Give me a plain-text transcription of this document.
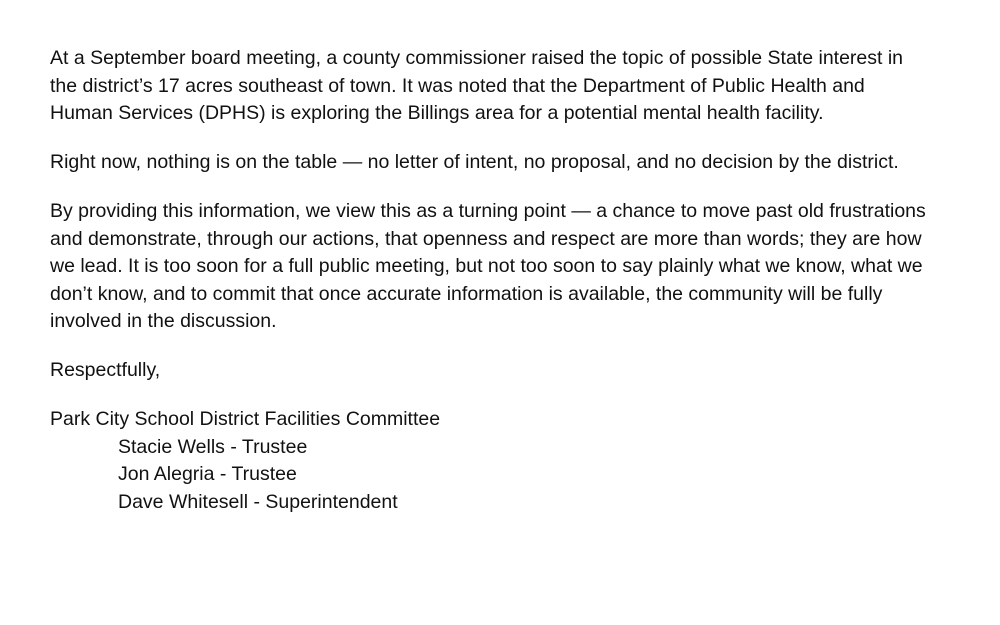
At a September board meeting, a county commissioner raised the topic of possible State interest in the district’s 17 acres southeast of town. It was noted that the Department of Public Health and Human Services (DPHS) is exploring the Billings area for a potential mental health facility.

Right now, nothing is on the table — no letter of intent, no proposal, and no decision by the district.

By providing this information, we view this as a turning point — a chance to move past old frustrations and demonstrate, through our actions, that openness and respect are more than words; they are how we lead. It is too soon for a full public meeting, but not too soon to say plainly what we know, what we don’t know, and to commit that once accurate information is available, the community will be fully involved in the discussion.

Respectfully,

Park City School District Facilities Committee

Stacie Wells - Trustee
Jon Alegria - Trustee
Dave Whitesell - Superintendent
